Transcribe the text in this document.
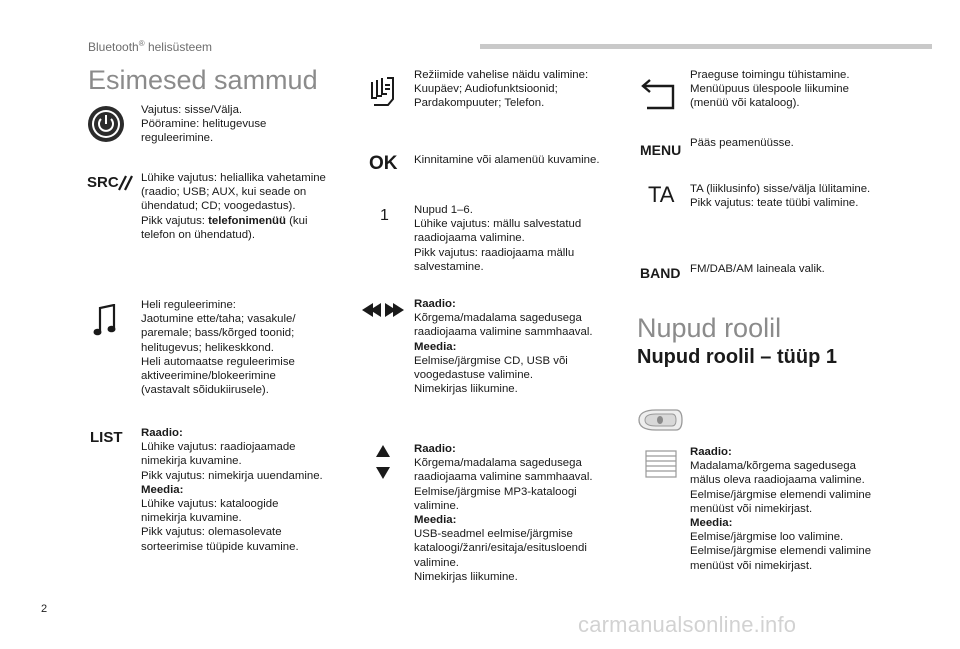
Bluetooth® helisüsteem
Esimesed sammud
Vajutus: sisse/Välja.
Pööramine: helitugevuse
reguleerimine.
SRC Lühike vajutus: heliallika vahetamine
(raadio; USB; AUX, kui seade on
ühendatud; CD; voogedastus).
Pikk vajutus: telefonimenüü (kui
telefon on ühendatud).
Heli reguleerimine:
Jaotumine ette/taha; vasakule/
paremale; bass/kõrged toonid;
helitugevus; helikeskkond.
Heli automaatse reguleerimise
aktiveerimine/blokeerimine
(vastavalt sõidukiirusele).
LIST Raadio:
Lühike vajutus: raadiojaamade
nimekirja kuvamine.
Pikk vajutus: nimekirja uuendamine.
Meedia:
Lühike vajutus: kataloogide
nimekirja kuvamine.
Pikk vajutus: olemasolevate
sorteerimise tüüpide kuvamine.
Režiimide vahelise näidu valimine:
Kuupäev; Audiofunktsioonid;
Pardakompuuter; Telefon.
OK Kinnitamine või alamenüü kuvamine.
1 Nupud 1–6.
Lühike vajutus: mällu salvestatud
raadiojaama valimine.
Pikk vajutus: raadiojaama mällu
salvestamine.
Raadio:
Kõrgema/madalama sagedusega
raadiojaama valimine sammhaaval.
Meedia:
Eelmise/järgmise CD, USB või
voogedastuse valimine.
Nimekirjas liikumine.
Raadio:
Kõrgema/madalama sagedusega
raadiojaama valimine sammhaaval.
Eelmise/järgmise MP3-kataloogi
valimine.
Meedia:
USB-seadmel eelmise/järgmise
kataloogi/žanri/esitaja/esitusloendi
valimine.
Nimekirjas liikumine.
Praeguse toimingu tühistamine.
Menüüpuus ülespoole liikumine
(menüü või kataloog).
MENU Pääs peamenüüsse.
TA TA (liiklusinfo) sisse/välja lülitamine.
Pikk vajutus: teate tüübi valimine.
BAND FM/DAB/AM laineala valik.
Nupud roolil
Nupud roolil – tüüp 1
Raadio:
Madalama/kõrgema sagedusega
mälus oleva raadiojaama valimine.
Eelmise/järgmise elemendi valimine
menüüst või nimekirjast.
Meedia:
Eelmise/järgmise loo valimine.
Eelmise/järgmise elemendi valimine
menüüst või nimekirjast.
2
carmanualsonline.info
